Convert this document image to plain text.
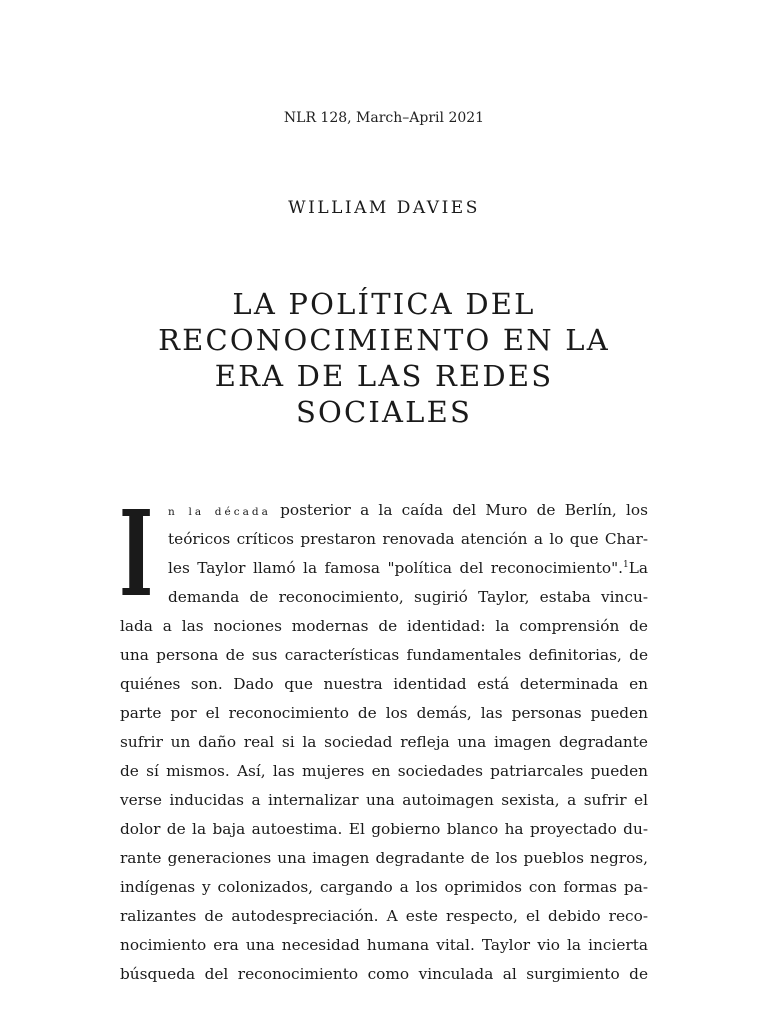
NLR 128, March–April 2021
WILLIAM DAVIES
LA POLÍTICA DEL
RECONOCIMIENTO EN LA
ERA DE LAS REDES
SOCIALES
I	n la década posterior a la caída del Muro de Berlín, los
teóricos críticos prestaron renovada atención a lo que Char-
les Taylor llamó la famosa "política del reconocimiento".$^1$La
demanda de reconocimiento, sugirió Taylor, estaba vincu-
lada a las nociones modernas de identidad: la comprensión de
una persona de sus características fundamentales definitorias, de
quiénes son. Dado que nuestra identidad está determinada en
parte por el reconocimiento de los demás, las personas pueden
sufrir un daño real si la sociedad refleja una imagen degradante
de sí mismos. Así, las mujeres en sociedades patriarcales pueden
verse inducidas a internalizar una autoimagen sexista, a sufrir el
dolor de la baja autoestima. El gobierno blanco ha proyectado du-
rante generaciones una imagen degradante de los pueblos negros,
indígenas y colonizados, cargando a los oprimidos con formas pa-
ralizantes de autodespreciación. A este respecto, el debido reco-
nocimiento era una necesidad humana vital. Taylor vio la incierta
búsqueda del reconocimiento como vinculada al surgimiento de
